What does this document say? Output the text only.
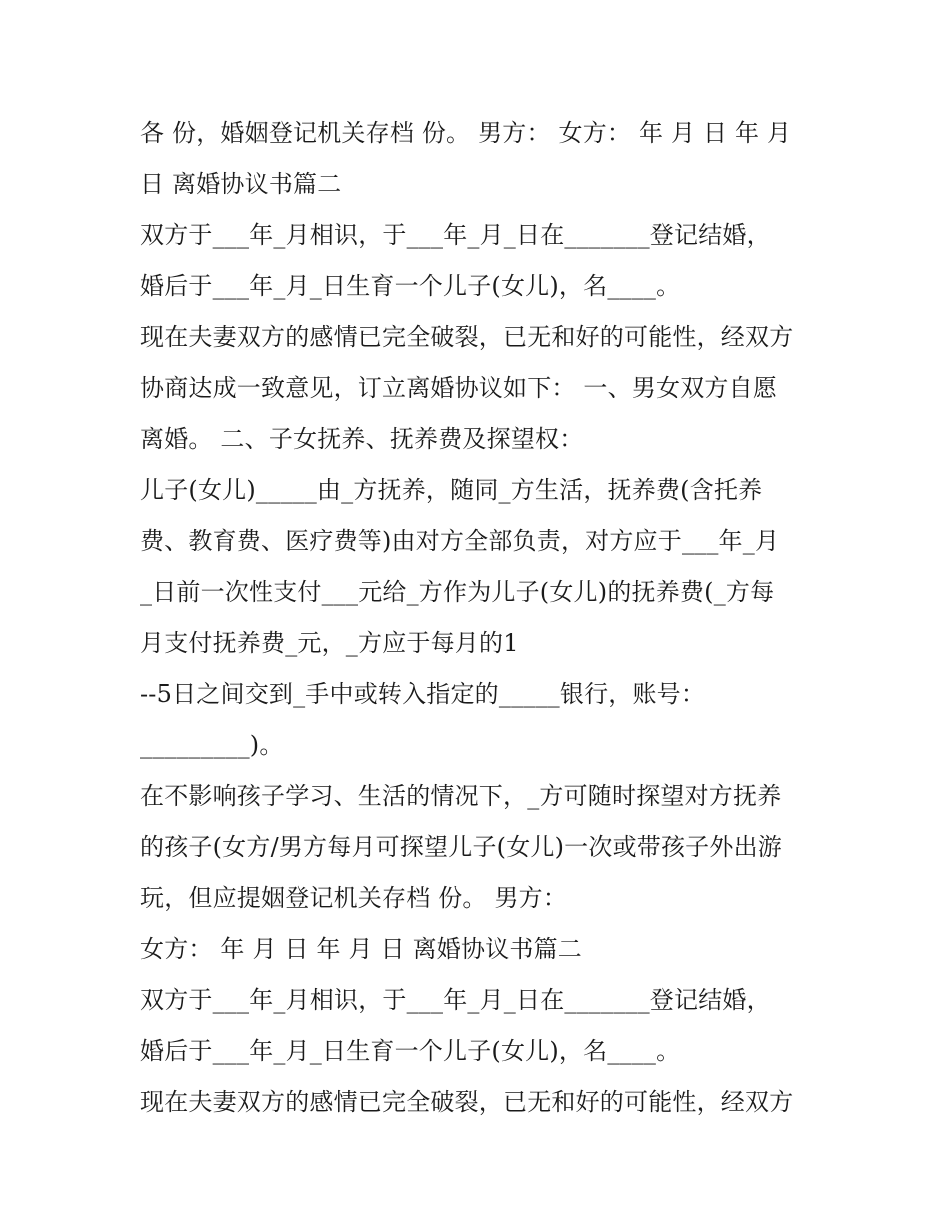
各 份，婚姻登记机关存档 份。 男方： 女方： 年 月 日 年 月
日 离婚协议书篇二
双方于___年_月相识，于___年_月_日在_______登记结婚，
婚后于___年_月_日生育一个儿子(女儿)，名____。
现在夫妻双方的感情已完全破裂，已无和好的可能性，经双方
协商达成一致意见，订立离婚协议如下： 一、男女双方自愿
离婚。 二、子女抚养、抚养费及探望权：
儿子(女儿)_____由_方抚养，随同_方生活，抚养费(含托养
费、教育费、医疗费等)由对方全部负责，对方应于___年_月
_日前一次性支付___元给_方作为儿子(女儿)的抚养费(_方每
月支付抚养费_元，_方应于每月的1
--5日之间交到_手中或转入指定的_____银行，账号：
_________)。
在不影响孩子学习、生活的情况下，_方可随时探望对方抚养
的孩子(女方/男方每月可探望儿子(女儿)一次或带孩子外出游
玩，但应提姻登记机关存档 份。 男方：
女方： 年 月 日 年 月 日 离婚协议书篇二
双方于___年_月相识，于___年_月_日在_______登记结婚，
婚后于___年_月_日生育一个儿子(女儿)，名____。
现在夫妻双方的感情已完全破裂，已无和好的可能性，经双方
